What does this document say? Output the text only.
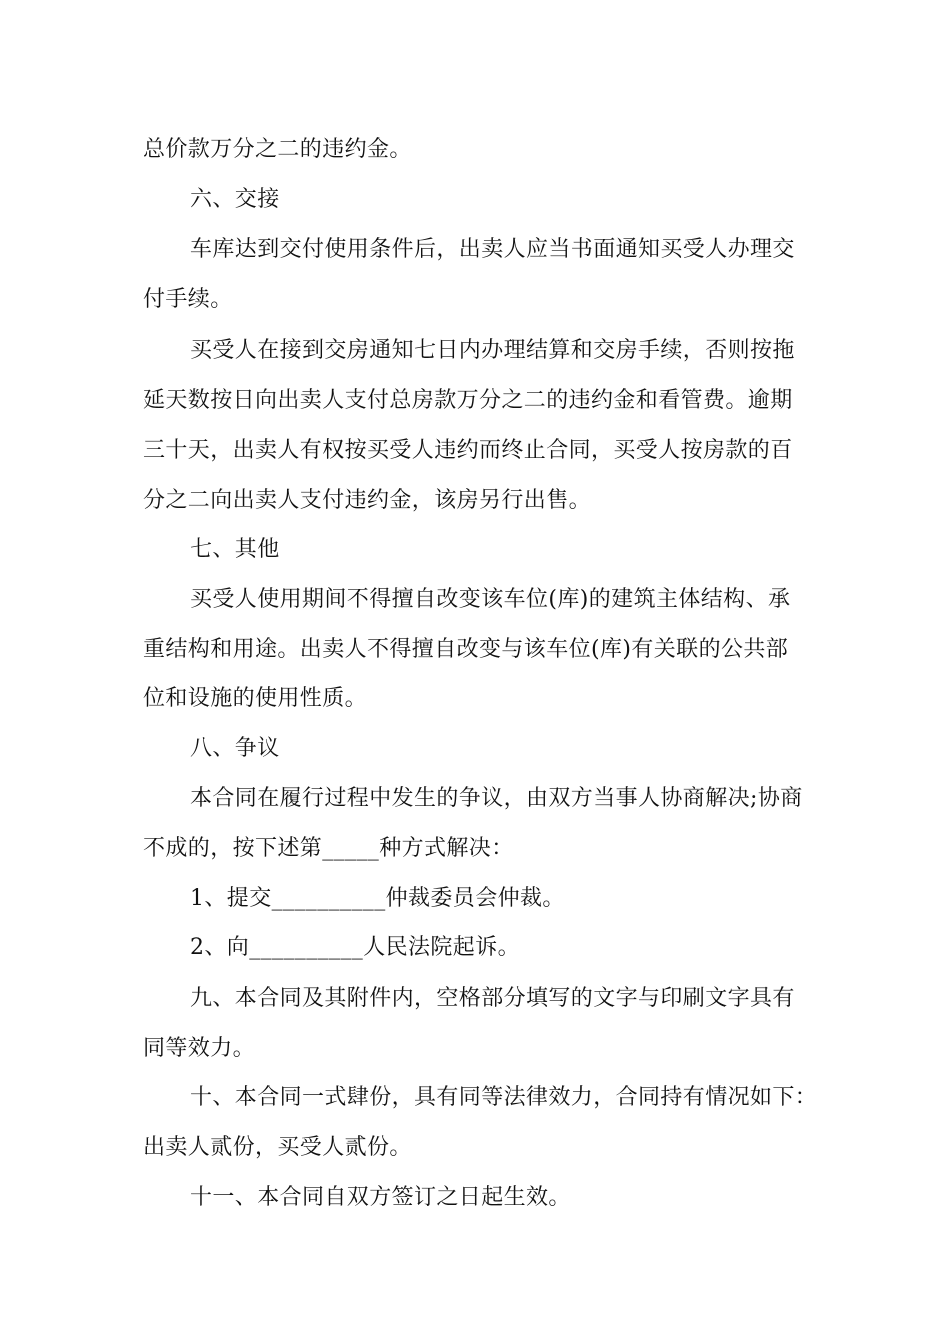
总价款万分之二的违约金。
六、交接
车库达到交付使用条件后，出卖人应当书面通知买受人办理交
付手续。
买受人在接到交房通知七日内办理结算和交房手续，否则按拖
延天数按日向出卖人支付总房款万分之二的违约金和看管费。逾期
三十天，出卖人有权按买受人违约而终止合同，买受人按房款的百
分之二向出卖人支付违约金，该房另行出售。
七、其他
买受人使用期间不得擅自改变该车位(库)的建筑主体结构、承
重结构和用途。出卖人不得擅自改变与该车位(库)有关联的公共部
位和设施的使用性质。
八、争议
本合同在履行过程中发生的争议，由双方当事人协商解决;协商
不成的，按下述第_____种方式解决：
1、提交__________仲裁委员会仲裁。
2、向__________人民法院起诉。
九、本合同及其附件内，空格部分填写的文字与印刷文字具有
同等效力。
十、本合同一式肆份，具有同等法律效力，合同持有情况如下：
出卖人贰份，买受人贰份。
十一、本合同自双方签订之日起生效。
